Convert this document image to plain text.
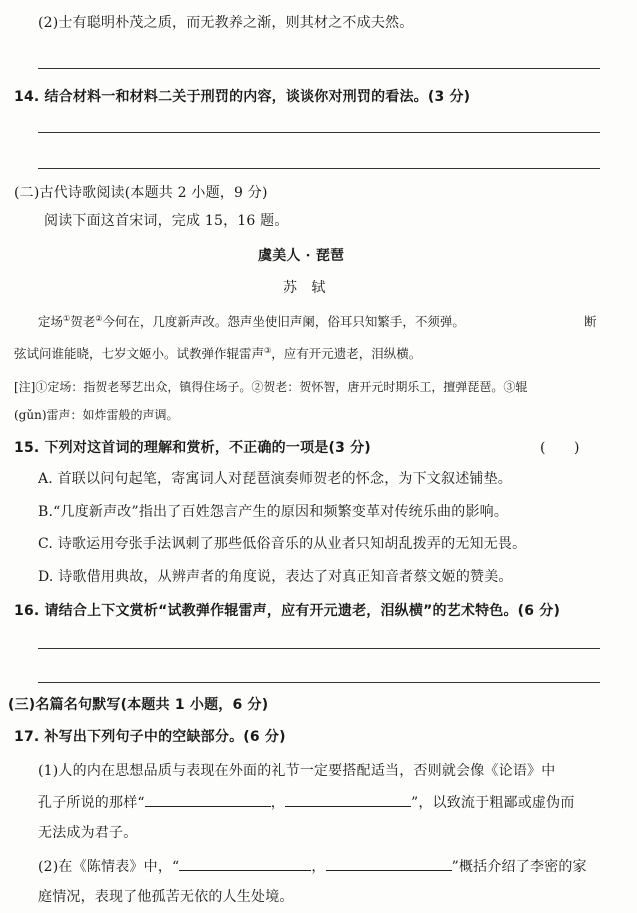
(2)士有聪明朴茂之质，而无教养之渐，则其材之不成夫然。
14. 结合材料一和材料二关于刑罚的内容，谈谈你对刑罚的看法。(3 分)
(二)古代诗歌阅读(本题共 2 小题，9 分)
阅读下面这首宋词，完成 15，16 题。
虞美人 · 琵琶
苏　轼
定场①贺老②今何在，几度新声改。怨声坐使旧声阑，俗耳只知繁手，不须弹。	断
弦试问谁能晓，七岁文姬小。试教弹作辊雷声③，应有开元遗老，泪纵横。
[注]①定场：指贺老琴艺出众，镇得住场子。②贺老：贺怀智，唐开元时期乐工，擅弹琵琶。③辊
(gǔn)雷声：如炸雷般的声调。
15. 下列对这首词的理解和赏析，不正确的一项是(3 分)	(　　)
A. 首联以问句起笔，寄寓词人对琵琶演奏师贺老的怀念，为下文叙述铺垫。
B.“几度新声改”指出了百姓怨言产生的原因和频繁变革对传统乐曲的影响。
C. 诗歌运用夸张手法讽刺了那些低俗音乐的从业者只知胡乱拨弄的无知无畏。
D. 诗歌借用典故，从辨声者的角度说，表达了对真正知音者蔡文姬的赞美。
16. 请结合上下文赏析“试教弹作辊雷声，应有开元遗老，泪纵横”的艺术特色。(6 分)
(三)名篇名句默写(本题共 1 小题，6 分)
17. 补写出下列句子中的空缺部分。(6 分)
(1)人的内在思想品质与表现在外面的礼节一定要搭配适当，否则就会像《论语》中
孔子所说的那样“	，	”，以致流于粗鄙或虚伪而
无法成为君子。
(2)在《陈情表》中，“	，	”概括介绍了李密的家
庭情况，表现了他孤苦无依的人生处境。
